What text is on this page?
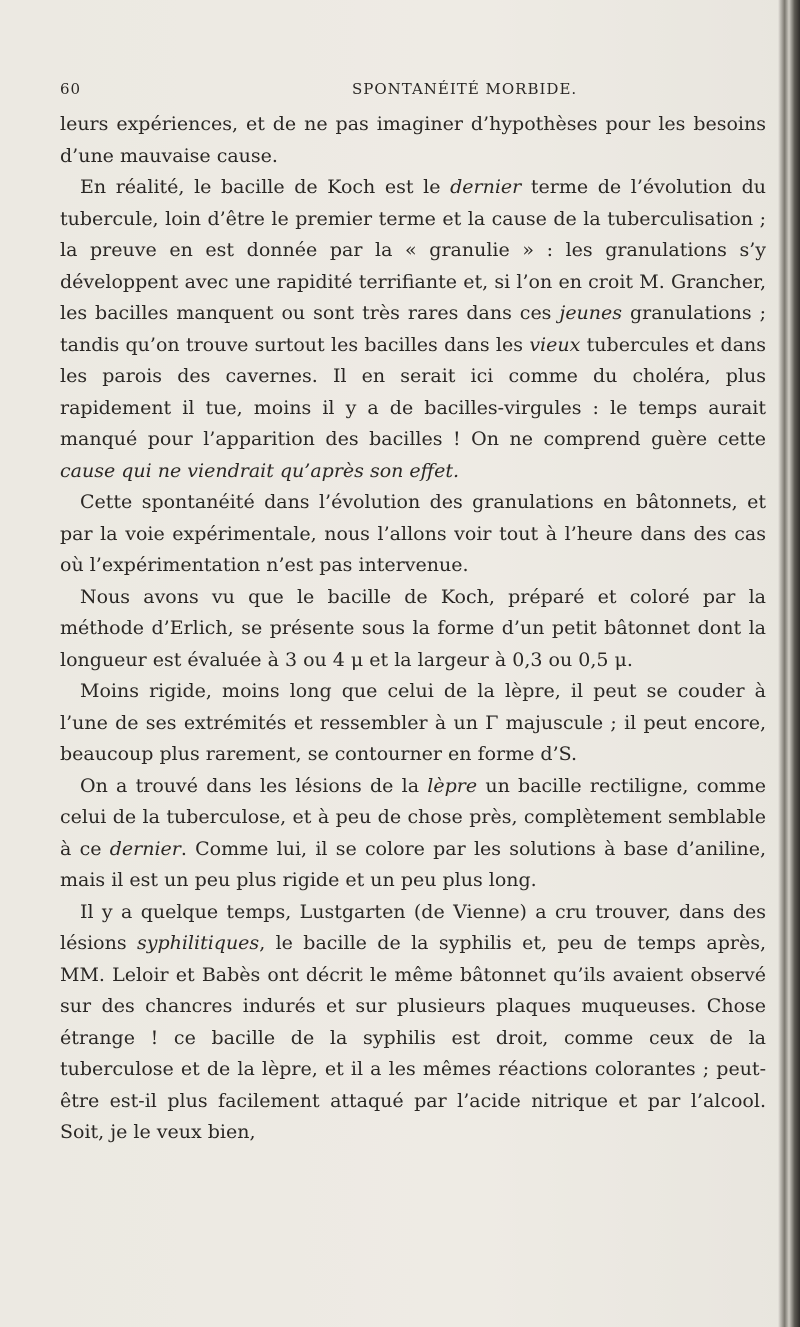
60	SPONTANÉITÉ MORBIDE.

leurs expériences, et de ne pas imaginer d’hypothèses pour les besoins d’une mauvaise cause.

En réalité, le bacille de Koch est le dernier terme de l’évolution du tubercule, loin d’être le premier terme et la cause de la tuberculisation ; la preuve en est donnée par la « granulie » : les granulations s’y développent avec une rapidité terrifiante et, si l’on en croit M. Grancher, les bacilles manquent ou sont très rares dans ces jeunes granulations ; tandis qu’on trouve surtout les bacilles dans les vieux tubercules et dans les parois des cavernes. Il en serait ici comme du choléra, plus rapidement il tue, moins il y a de bacilles-virgules : le temps aurait manqué pour l’apparition des bacilles ! On ne comprend guère cette cause qui ne viendrait qu’après son effet.

Cette spontanéité dans l’évolution des granulations en bâtonnets, et par la voie expérimentale, nous l’allons voir tout à l’heure dans des cas où l’expérimentation n’est pas intervenue.

Nous avons vu que le bacille de Koch, préparé et coloré par la méthode d’Erlich, se présente sous la forme d’un petit bâtonnet dont la longueur est évaluée à 3 ou 4 μ et la largeur à 0,3 ou 0,5 μ.

Moins rigide, moins long que celui de la lèpre, il peut se couder à l’une de ses extrémités et ressembler à un Γ majuscule ; il peut encore, beaucoup plus rarement, se contourner en forme d’S.

On a trouvé dans les lésions de la lèpre un bacille rectiligne, comme celui de la tuberculose, et à peu de chose près, complètement semblable à ce dernier. Comme lui, il se colore par les solutions à base d’aniline, mais il est un peu plus rigide et un peu plus long.

Il y a quelque temps, Lustgarten (de Vienne) a cru trouver, dans des lésions syphilitiques, le bacille de la syphilis et, peu de temps après, MM. Leloir et Babès ont décrit le même bâtonnet qu’ils avaient observé sur des chancres indurés et sur plusieurs plaques muqueuses. Chose étrange ! ce bacille de la syphilis est droit, comme ceux de la tuberculose et de la lèpre, et il a les mêmes réactions colorantes ; peut-être est-il plus facilement attaqué par l’acide nitrique et par l’alcool. Soit, je le veux bien,
